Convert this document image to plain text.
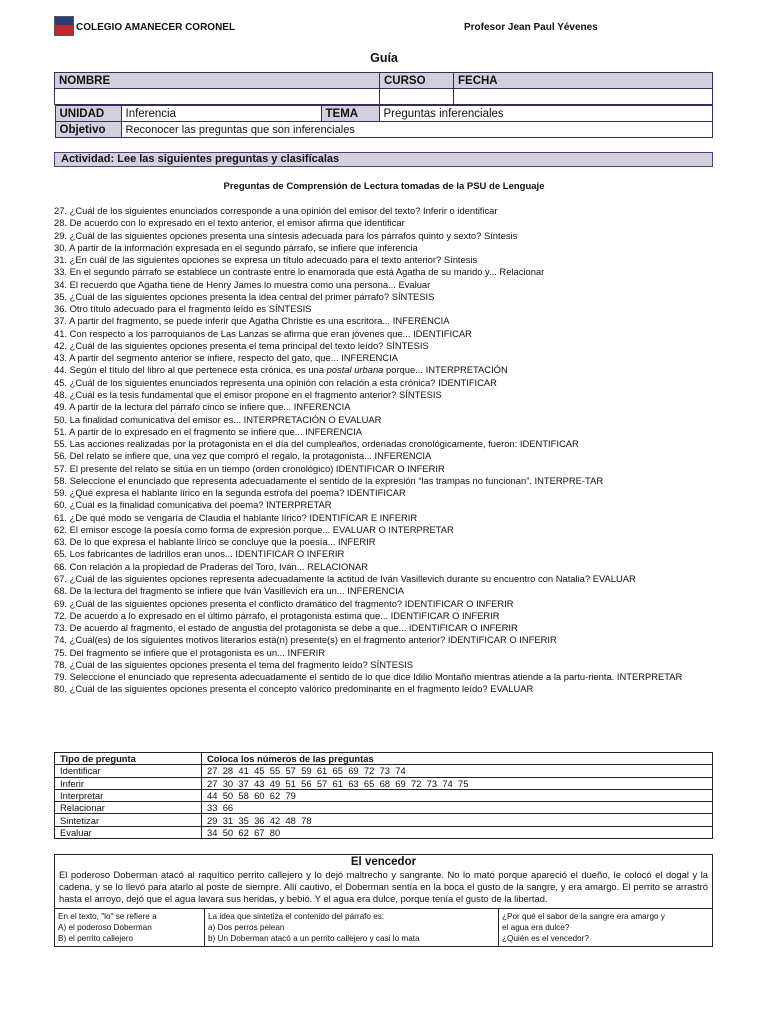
COLEGIO AMANECER CORONEL	Profesor Jean Paul Yévenes
Guía
NOMBRE	CURSO	FECHA

UNIDAD	Inferencia	TEMA	Preguntas inferenciales
Objetivo	Reconocer las preguntas que son inferenciales
Actividad: Lee las siguientes preguntas y clasifícalas
Preguntas de Comprensión de Lectura tomadas de la PSU de Lenguaje
27. ¿Cuál de los siguientes enunciados corresponde a una opinión del emisor del texto? Inferir o identificar
28. De acuerdo con lo expresado en el texto anterior, el emisor afirma que identificar
29. ¿Cuál de las siguientes opciones presenta una síntesis adecuada para los párrafos quinto y sexto? Síntesis
30. A partir de la información expresada en el segundo párrafo, se infiere que inferencia
31. ¿En cuál de las siguientes opciones se expresa un título adecuado para el texto anterior? Síntesis
33. En el segundo párrafo se establece un contraste entre lo enamorada que está Agatha de su marido y... Relacionar
34. El recuerdo que Agatha tiene de Henry James lo muestra como una persona... Evaluar
35. ¿Cuál de las siguientes opciones presenta la idea central del primer párrafo? SÍNTESIS
36. Otro título adecuado para el fragmento leído es SÍNTESIS
37. A partir del fragmento, se puede inferir que Agatha Christie es una escritora... INFERENCIA
41. Con respecto a los parroquianos de Las Lanzas se afirma que eran jóvenes que... IDENTIFICAR
42. ¿Cuál de las siguientes opciones presenta el tema principal del texto leído? SÍNTESIS
43. A partir del segmento anterior se infiere, respecto del gato, que... INFERENCIA
44. Según el título del libro al que pertenece esta crónica, es una postal urbana porque... INTERPRETACIÓN
45. ¿Cuál de los siguientes enunciados representa una opinión con relación a esta crónica? IDENTIFICAR
48. ¿Cuál es la tesis fundamental que el emisor propone en el fragmento anterior? SÍNTESIS
49. A partir de la lectura del párrafo cinco se infiere que... INFERENCIA
50. La finalidad comunicativa del emisor es... INTERPRETACIÓN O EVALUAR
51. A partir de lo expresado en el fragmento se infiere que... INFERENCIA
55. Las acciones realizadas por la protagonista en el día del cumpleaños, ordenadas cronológicamente, fueron: IDENTIFICAR
56. Del relato se infiere que, una vez que compró el regalo, la protagonista... INFERENCIA
57. El presente del relato se sitúa en un tiempo (orden cronológico) IDENTIFICAR O INFERIR
58. Seleccione el enunciado que representa adecuadamente el sentido de la expresión “las trampas no funcionan”. INTERPRE-TAR
59. ¿Qué expresa el hablante lírico en la segunda estrofa del poema? IDENTIFICAR
60. ¿Cuál es la finalidad comunicativa del poema? INTERPRETAR
61. ¿De qué modo se vengaría de Claudia el hablante lírico? IDENTIFICAR E INFERIR
62. El emisor escoge la poesía como forma de expresión porque... EVALUAR O INTERPRETAR
63. De lo que expresa el hablante lírico se concluye que la poesía... INFERIR
65. Los fabricantes de ladrillos eran unos... IDENTIFICAR O INFERIR
66. Con relación a la propiedad de Praderas del Toro, Iván... RELACIONAR
67. ¿Cuál de las siguientes opciones representa adecuadamente la actitud de Iván Vasillevich durante su encuentro con Natalia? EVALUAR
68. De la lectura del fragmento se infiere que Iván Vasillevich era un... INFERENCIA
69. ¿Cuál de las siguientes opciones presenta el conflicto dramático del fragmento? IDENTIFICAR O INFERIR
72. De acuerdo a lo expresado en el último párrafo, el protagonista estima que... IDENTIFICAR O INFERIR
73. De acuerdo al fragmento, el estado de angustia del protagonista se debe a que... IDENTIFICAR O INFERIR
74. ¿Cuál(es) de los siguientes motivos literarios está(n) presente(s) en el fragmento anterior? IDENTIFICAR O INFERIR
75. Del fragmento se infiere que el protagonista es un... INFERIR
78. ¿Cuál de las siguientes opciones presenta el tema del fragmento leído? SÍNTESIS
79. Seleccione el enunciado que representa adecuadamente el sentido de lo que dice Idilio Montaño mientras atiende a la partu-rienta. INTERPRETAR
80. ¿Cuál de las siguientes opciones presenta el concepto valórico predominante en el fragmento leído? EVALUAR
Tipo de pregunta	Coloca los números de las preguntas
Identificar	27 28 41 45 55 57 59 61 65 69 72 73 74
Inferir	27 30 37 43 49 51 56 57 61 63 65 68 69 72 73 74 75
Interpretar	44 50 58 60 62 79
Relacionar	33 66
Sintetizar	29 31 35 36 42 48 78
Evaluar	34 50 62 67 80
El vencedor
El poderoso Doberman atacó al raquítico perrito callejero y lo dejó maltrecho y sangrante. No lo mató porque apareció el dueño, le colocó el dogal y la cadena, y se lo llevó para atarlo al poste de siempre. Allí cautivo, el Doberman sentía en la boca el gusto de la sangre, y era amargo. El perrito se arrastró hasta el arroyo, dejó que el agua lavara sus heridas, y bebió. Y el agua era dulce, porque tenía el gusto de la libertad.
En el texto, "lo" se refiere a
A) el poderoso Doberman
B) el perrito callejero
La idea que sintetiza el contenido del párrafo es:
a) Dos perros pelean
b) Un Doberman atacó a un perrito callejero y casi lo mata
¿Por qué el sabor de la sangre era amargo y
el agua era dulce?
¿Quién es el vencedor?
